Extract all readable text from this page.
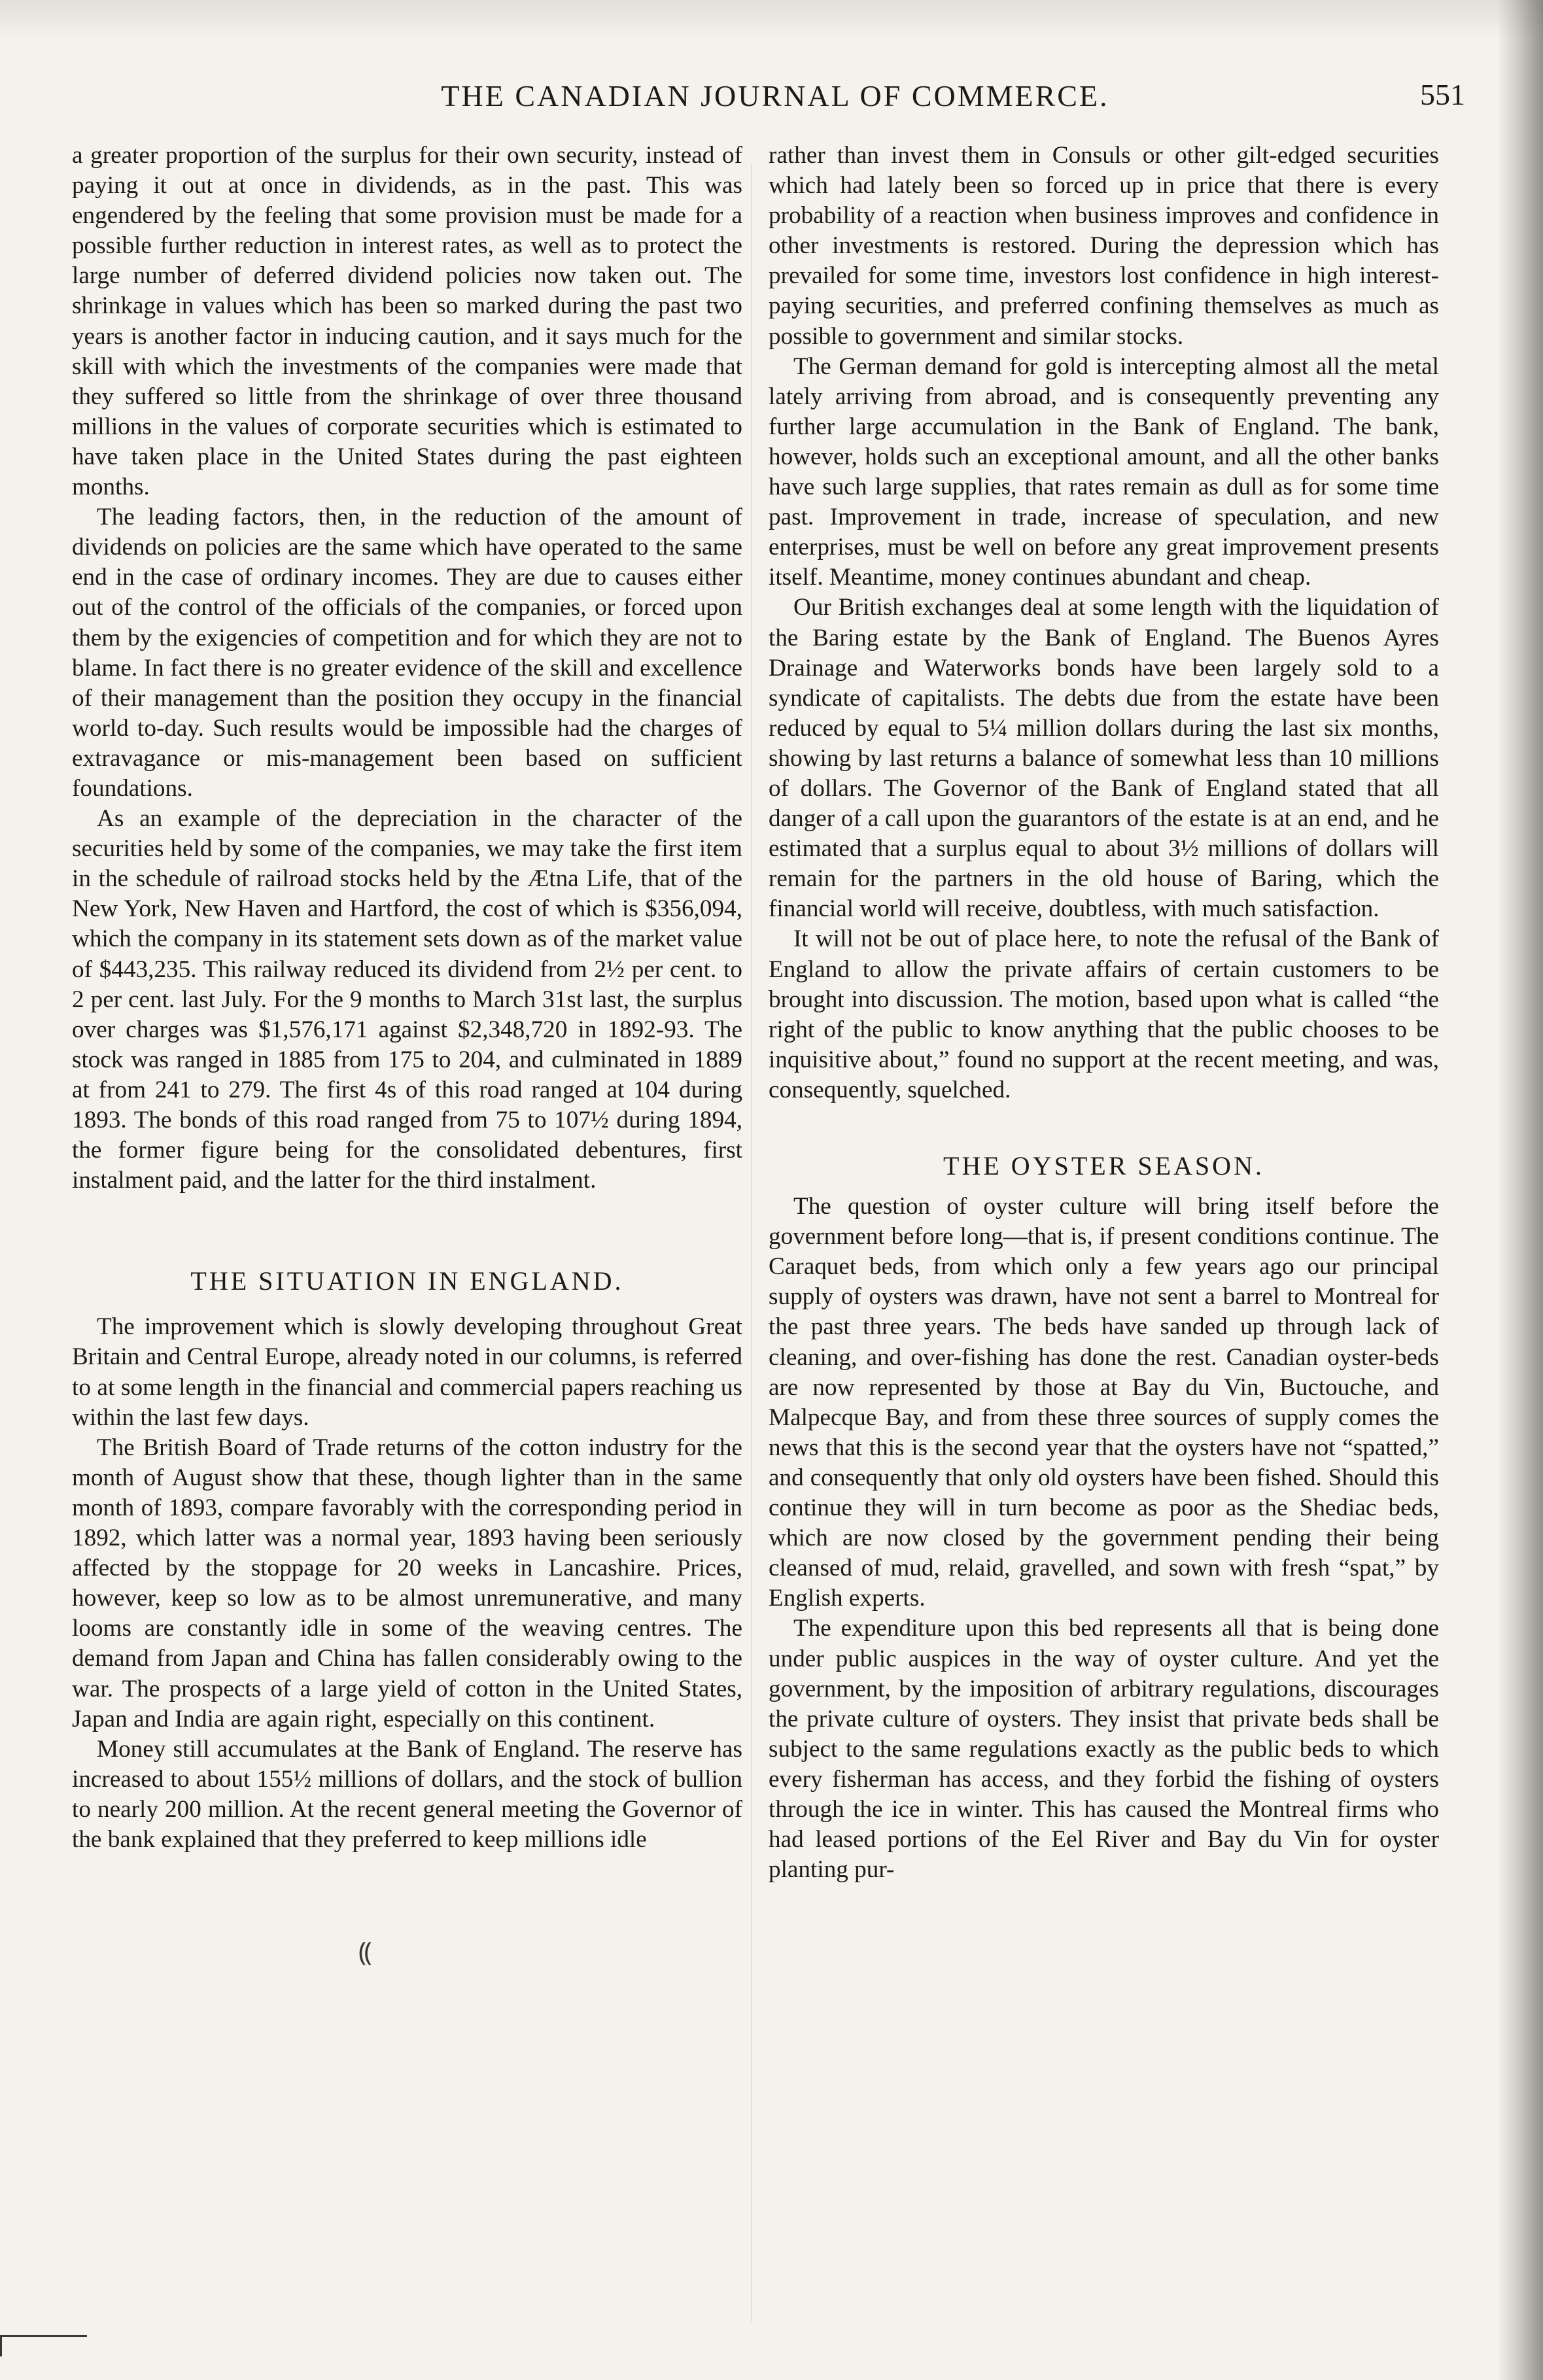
THE CANADIAN JOURNAL OF COMMERCE.	551

a greater proportion of the surplus for their own security, instead of paying it out at once in dividends, as in the past. This was engendered by the feeling that some provision must be made for a possible further reduction in interest rates, as well as to protect the large number of deferred dividend policies now taken out. The shrinkage in values which has been so marked during the past two years is another factor in inducing caution, and it says much for the skill with which the investments of the companies were made that they suffered so little from the shrinkage of over three thousand millions in the values of corporate securities which is estimated to have taken place in the United States during the past eighteen months.

The leading factors, then, in the reduction of the amount of dividends on policies are the same which have operated to the same end in the case of ordinary incomes. They are due to causes either out of the control of the officials of the companies, or forced upon them by the exigencies of competition and for which they are not to blame. In fact there is no greater evidence of the skill and excellence of their management than the position they occupy in the financial world to-day. Such results would be impossible had the charges of extravagance or mis-management been based on sufficient foundations.

As an example of the depreciation in the character of the securities held by some of the companies, we may take the first item in the schedule of railroad stocks held by the Ætna Life, that of the New York, New Haven and Hartford, the cost of which is $356,094, which the company in its statement sets down as of the market value of $443,235. This railway reduced its dividend from 2½ per cent. to 2 per cent. last July. For the 9 months to March 31st last, the surplus over charges was $1,576,171 against $2,348,720 in 1892-93. The stock was ranged in 1885 from 175 to 204, and culminated in 1889 at from 241 to 279. The first 4s of this road ranged at 104 during 1893. The bonds of this road ranged from 75 to 107½ during 1894, the former figure being for the consolidated debentures, first instalment paid, and the latter for the third instalment.

THE SITUATION IN ENGLAND.

The improvement which is slowly developing throughout Great Britain and Central Europe, already noted in our columns, is referred to at some length in the financial and commercial papers reaching us within the last few days.

The British Board of Trade returns of the cotton industry for the month of August show that these, though lighter than in the same month of 1893, compare favorably with the corresponding period in 1892, which latter was a normal year, 1893 having been seriously affected by the stoppage for 20 weeks in Lancashire. Prices, however, keep so low as to be almost unremunerative, and many looms are constantly idle in some of the weaving centres. The demand from Japan and China has fallen considerably owing to the war. The prospects of a large yield of cotton in the United States, Japan and India are again right, especially on this continent.

Money still accumulates at the Bank of England. The reserve has increased to about 155½ millions of dollars, and the stock of bullion to nearly 200 million. At the recent general meeting the Governor of the bank explained that they preferred to keep millions idle

rather than invest them in Consuls or other gilt-edged securities which had lately been so forced up in price that there is every probability of a reaction when business improves and confidence in other investments is restored. During the depression which has prevailed for some time, investors lost confidence in high interest-paying securities, and preferred confining themselves as much as possible to government and similar stocks.

The German demand for gold is intercepting almost all the metal lately arriving from abroad, and is consequently preventing any further large accumulation in the Bank of England. The bank, however, holds such an exceptional amount, and all the other banks have such large supplies, that rates remain as dull as for some time past. Improvement in trade, increase of speculation, and new enterprises, must be well on before any great improvement presents itself. Meantime, money continues abundant and cheap.

Our British exchanges deal at some length with the liquidation of the Baring estate by the Bank of England. The Buenos Ayres Drainage and Waterworks bonds have been largely sold to a syndicate of capitalists. The debts due from the estate have been reduced by equal to 5¼ million dollars during the last six months, showing by last returns a balance of somewhat less than 10 millions of dollars. The Governor of the Bank of England stated that all danger of a call upon the guarantors of the estate is at an end, and he estimated that a surplus equal to about 3½ millions of dollars will remain for the partners in the old house of Baring, which the financial world will receive, doubtless, with much satisfaction.

It will not be out of place here, to note the refusal of the Bank of England to allow the private affairs of certain customers to be brought into discussion. The motion, based upon what is called “the right of the public to know anything that the public chooses to be inquisitive about,” found no support at the recent meeting, and was, consequently, squelched.

THE OYSTER SEASON.

The question of oyster culture will bring itself before the government before long—that is, if present conditions continue. The Caraquet beds, from which only a few years ago our principal supply of oysters was drawn, have not sent a barrel to Montreal for the past three years. The beds have sanded up through lack of cleaning, and over-fishing has done the rest. Canadian oyster-beds are now represented by those at Bay du Vin, Buctouche, and Malpecque Bay, and from these three sources of supply comes the news that this is the second year that the oysters have not “spatted,” and consequently that only old oysters have been fished. Should this continue they will in turn become as poor as the Shediac beds, which are now closed by the government pending their being cleansed of mud, relaid, gravelled, and sown with fresh “spat,” by English experts.

The expenditure upon this bed represents all that is being done under public auspices in the way of oyster culture. And yet the government, by the imposition of arbitrary regulations, discourages the private culture of oysters. They insist that private beds shall be subject to the same regulations exactly as the public beds to which every fisherman has access, and they forbid the fishing of oysters through the ice in winter. This has caused the Montreal firms who had leased portions of the Eel River and Bay du Vin for oyster planting pur-

⸨
